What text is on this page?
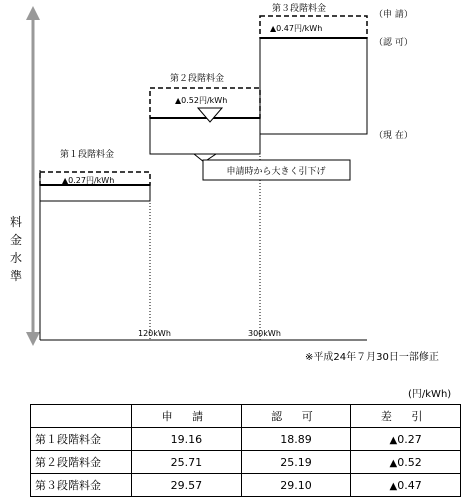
料
金
水
準
120kWh	300kWh
▲0.27円/kWh
第１段階料金
▲0.52円/kWh
第２段階料金
▲0.47円/kWh
第３段階料金
（申 請）
（認 可）
（現 在）
申請時から大きく引下げ
※平成24年７月30日一部修正
(円/kWh)
	申 請	認 可	差 引
第１段階料金	19.16	18.89	▲0.27
第２段階料金	25.71	25.19	▲0.52
第３段階料金	29.57	29.10	▲0.47
